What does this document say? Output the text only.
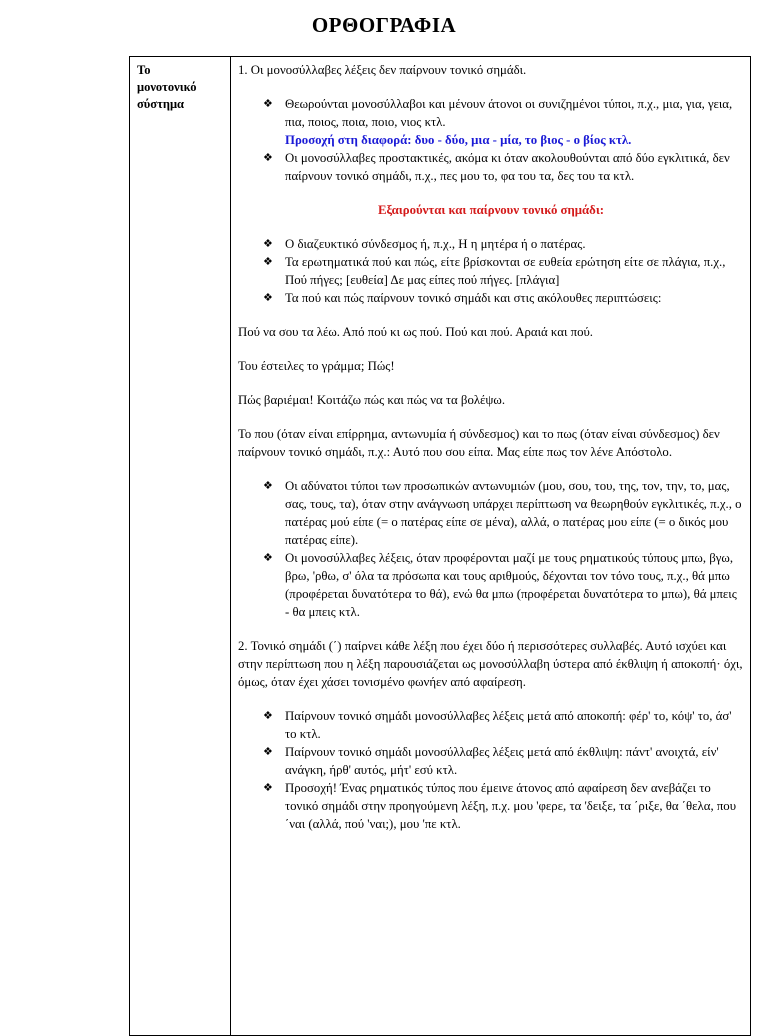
ΟΡΘΟΓΡΑΦΙΑ
Το
μονοτονικό
σύστημα

1. Οι μονοσύλλαβες λέξεις δεν παίρνουν τονικό σημάδι.

❖ Θεωρούνται μονοσύλλαβοι και μένουν άτονοι οι συνιζημένοι τύποι, π.χ., μια, για, γεια, πια, ποιος, ποια, ποιο, νιος κτλ.
Προσοχή στη διαφορά: δυο - δύο, μια - μία, το βιος - ο βίος κτλ.
❖ Οι μονοσύλλαβες προστακτικές, ακόμα κι όταν ακολουθούνται από δύο εγκλιτικά, δεν παίρνουν τονικό σημάδι, π.χ., πες μου το, φα του τα, δες του τα κτλ.

Εξαιρούνται και παίρνουν τονικό σημάδι:

❖ Ο διαζευκτικό σύνδεσμος ή, π.χ., Η η μητέρα ή ο πατέρας.
❖ Τα ερωτηματικά πού και πώς, είτε βρίσκονται σε ευθεία ερώτηση είτε σε πλάγια, π.χ., Πού πήγες; [ευθεία] Δε μας είπες πού πήγες. [πλάγια]
❖ Τα πού και πώς παίρνουν τονικό σημάδι και στις ακόλουθες περιπτώσεις:

Πού να σου τα λέω. Από πού κι ως πού. Πού και πού. Αραιά και πού.

Του έστειλες το γράμμα; Πώς!

Πώς βαριέμαι! Κοιτάζω πώς και πώς να τα βολέψω.

Το που (όταν είναι επίρρημα, αντωνυμία ή σύνδεσμος) και το πως (όταν είναι σύνδεσμος) δεν παίρνουν τονικό σημάδι, π.χ.: Αυτό που σου είπα. Μας είπε πως τον λένε Απόστολο.

❖ Οι αδύνατοι τύποι των προσωπικών αντωνυμιών (μου, σου, του, της, τον, την, το, μας, σας, τους, τα), όταν στην ανάγνωση υπάρχει περίπτωση να θεωρηθούν εγκλιτικές, π.χ., ο πατέρας μού είπε (= ο πατέρας είπε σε μένα), αλλά, ο πατέρας μου είπε (= ο δικός μου πατέρας είπε).
❖ Οι μονοσύλλαβες λέξεις, όταν προφέρονται μαζί με τους ρηματικούς τύπους μπω, βγω, βρω, 'ρθω, σ' όλα τα πρόσωπα και τους αριθμούς, δέχονται τον τόνο τους, π.χ., θά μπω (προφέρεται δυνατότερα το θά), ενώ θα μπω (προφέρεται δυνατότερα το μπω), θά μπεις - θα μπεις κτλ.

2. Τονικό σημάδι (΄) παίρνει κάθε λέξη που έχει δύο ή περισσότερες συλλαβές. Αυτό ισχύει και στην περίπτωση που η λέξη παρουσιάζεται ως μονοσύλλαβη ύστερα από έκθλιψη ή αποκοπή· όχι, όμως, όταν έχει χάσει τονισμένο φωνήεν από αφαίρεση.

❖ Παίρνουν τονικό σημάδι μονοσύλλαβες λέξεις μετά από αποκοπή: φέρ' το, κόψ' το, άσ' το κτλ.
❖ Παίρνουν τονικό σημάδι μονοσύλλαβες λέξεις μετά από έκθλιψη: πάντ' ανοιχτά, είν' ανάγκη, ήρθ' αυτός, μήτ' εσύ κτλ.
❖ Προσοχή! Ένας ρηματικός τύπος που έμεινε άτονος από αφαίρεση δεν ανεβάζει το τονικό σημάδι στην προηγούμενη λέξη, π.χ. μου 'φερε, τα 'δειξε, τα ΄ριξε, θα ΄θελα, που ΄ναι (αλλά, πού 'ναι;), μου 'πε κτλ.
